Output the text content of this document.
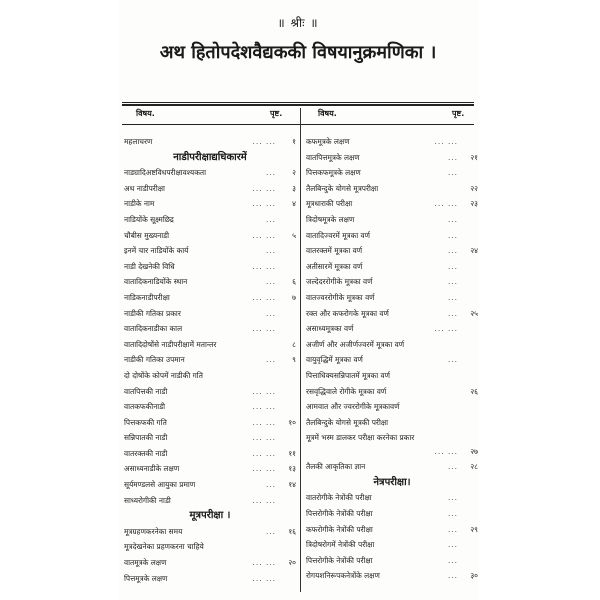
॥ श्रीः ॥
अथ हितोपदेशवैद्यककी विषयानुक्रमणिका ।
विषय.	पृष्ट.	विषय.	पृष्ट.
महलाचरण	... ...	१
नाडीपरीक्षाद्यधिकारमें
नाड्यादिअष्टविधपरीक्षावश्यकता	...	२
अथ नाडीपरीक्षा	... ...	३
नाडीके नाम	... ...	४
नाडियोंके सूक्ष्मछिद्र	...
चौबीस मुख्यनाडी	... ...	५
इनमें चार नाडियोंके कार्य	...
नाडी देखनेकी विधि	... ...
वातादिकनाडियोंके स्थान	...	६
नाडिकनाडीपरीक्षा	... ...	७
नाडीकी गतिका प्रकार	...
वातादिकनाडीका काल	... ...
वातादिदोषोंसे नाडीपरीक्षामें मतान्तर	८
नाडीकी गतिका उपमान	...	९
दो दोषोंके कोपमें नाडीकी गति
वातपित्तकी नाडी	... ...
वातकफकीनाडी	... ...
पित्तकफकी गति	... ...	१०
सन्निपातकी नाडी	... ...
वातरक्तकी नाडी	... ...	११
असाध्यनाडीके लक्षण	... ...	१३
सूर्यमण्डलसे आयुका प्रमाण	...	१४
साध्यरोगीकी नाडी	... ...
मूत्रपरीक्षा ।
मूत्रग्रहणकरनेका समय	...	१६
मूत्रदेखनेका प्रहणकरना चाहिये
वातमूत्रके लक्षण	... ...	२०
पित्तमूत्रके लक्षण	... ...
कफमूत्रके लक्षण	... ...
वातपित्तमूत्रके लक्षण	...	२१
पित्तकफमूत्रके लक्षण	...
तैलबिन्दुके योगसे मूत्रपरीक्षा	२२
मूत्रधाराकी परीक्षा	... ...	२३
त्रिदोषमूत्रके लक्षण	...
वातादिज्वरमें मूत्रका वर्ण	...
वातरक्तमें मूत्रका वर्ण	...	२४
अतीसारमें मूत्रका वर्ण	...
जल्देदररोगीके मूत्रका वर्ण	...
वातज्वररोगीके मूत्रका वर्ण	...
रक्त और कफरोगके मूत्रका वर्ण	...	२५
असाध्यमूत्रका वर्ण	... ...
अजीर्ण और अजीर्णज्वरमें मूत्रका वर्ण
वायुवृद्धिमें मूत्रका वर्ण	...
पित्ताधिक्यसन्निपातमें मूत्रका वर्ण
रसवृद्धिवाले रोगीके मूत्रका वर्ण	२६
आमवात और ज्वररोगीके मूत्रकावर्ण
तैलबिन्दुके योगसे मूत्रकी परीक्षा
मूत्रमें भस्म डालकर परीक्षा करनेका प्रकार
... ...	२७
तैलकी आकृतिका ज्ञान	...	२८
नेत्रपरीक्षा।
वातरोगीके नेत्रोंकी परीक्षा	...
पित्तरोगीके नेत्रोंकी परीक्षा	...
कफरोगीके नेत्रोंकी परीक्षा	...	२९
त्रिदोषरोगमें नेत्रोंकी परीक्षा	...
पित्तरोगीके नेत्रोंकी परीक्षा	...
रोगयशनिरूपकनेत्रोंके लक्षण	...	३०
